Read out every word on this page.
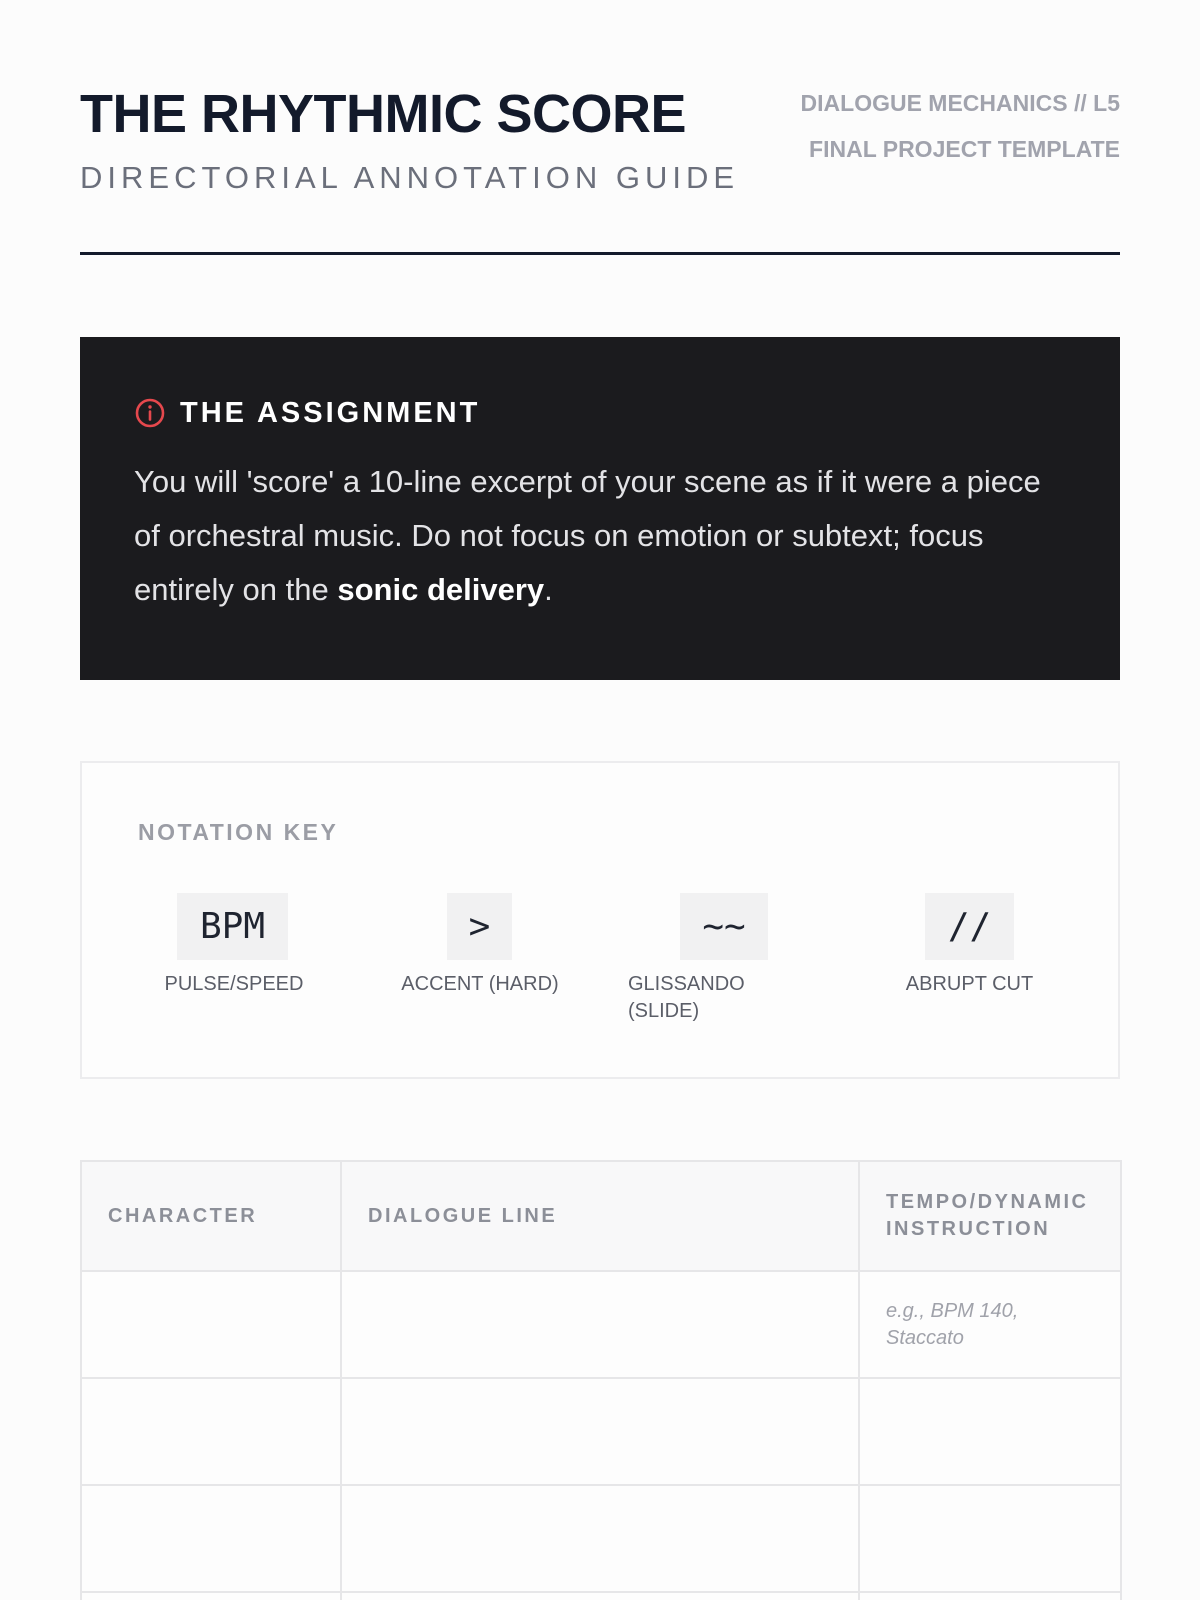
THE RHYTHMIC SCORE
DIRECTORIAL ANNOTATION GUIDE
DIALOGUE MECHANICS // L5
FINAL PROJECT TEMPLATE
THE ASSIGNMENT

You will 'score' a 10-line excerpt of your scene as if it were a piece of orchestral music. Do not focus on emotion or subtext; focus entirely on the sonic delivery.

NOTATION KEY
BPM
PULSE/SPEED
>
ACCENT (HARD)
~~
GLISSANDO (SLIDE)
//
ABRUPT CUT
CHARACTER	DIALOGUE LINE	TEMPO/DYNAMIC INSTRUCTION
		e.g., BPM 140, Staccato
